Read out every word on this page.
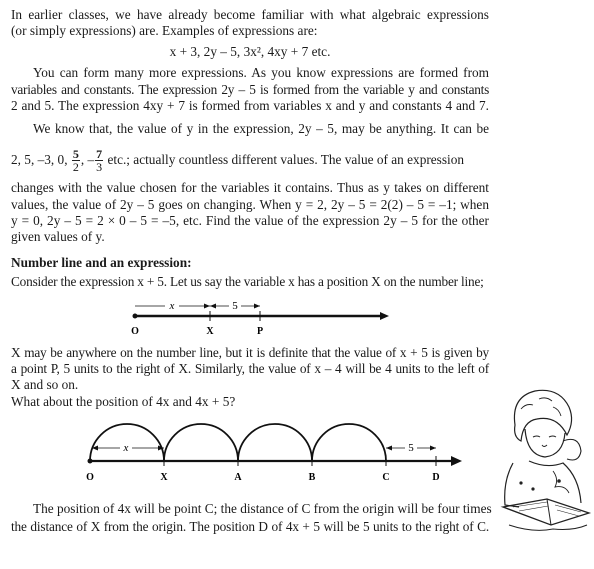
In earlier classes, we have already become familiar with what algebraic expressions
(or simply expressions) are. Examples of expressions are:
x + 3, 2y – 5, 3x², 4xy + 7 etc.
You can form many more expressions. As you know expressions are formed from
variables and constants. The expression 2y – 5 is formed from the variable y and constants
2 and 5. The expression 4xy + 7 is formed from variables x and y and constants 4 and 7.
We know that, the value of y in the expression, 2y – 5, may be anything. It can be
2, 5, –3, 0, $\frac{5}{2}$ , – $\frac{7}{3}$ etc.; actually countless different values. The value of an expression
changes with the value chosen for the variables it contains. Thus as y takes on different
values, the value of 2y – 5 goes on changing. When y = 2, 2y – 5 = 2(2) – 5 = –1; when
y = 0, 2y – 5 = 2 × 0 – 5 = –5, etc. Find the value of the expression 2y – 5 for the other
given values of y.
Number line and an expression:
Consider the expression x + 5. Let us say the variable x has a position X on the number line;
x	5
O	X	P
X may be anywhere on the number line, but it is definite that the value of x + 5 is given by
a point P, 5 units to the right of X. Similarly, the value of x – 4 will be 4 units to the left of
X and so on.
What about the position of 4x and 4x + 5?
x	5
O	X	A	B	C	D
The position of 4x will be point C; the distance of C from the origin will be four times
the distance of X from the origin. The position D of 4x + 5 will be 5 units to the right of C.
